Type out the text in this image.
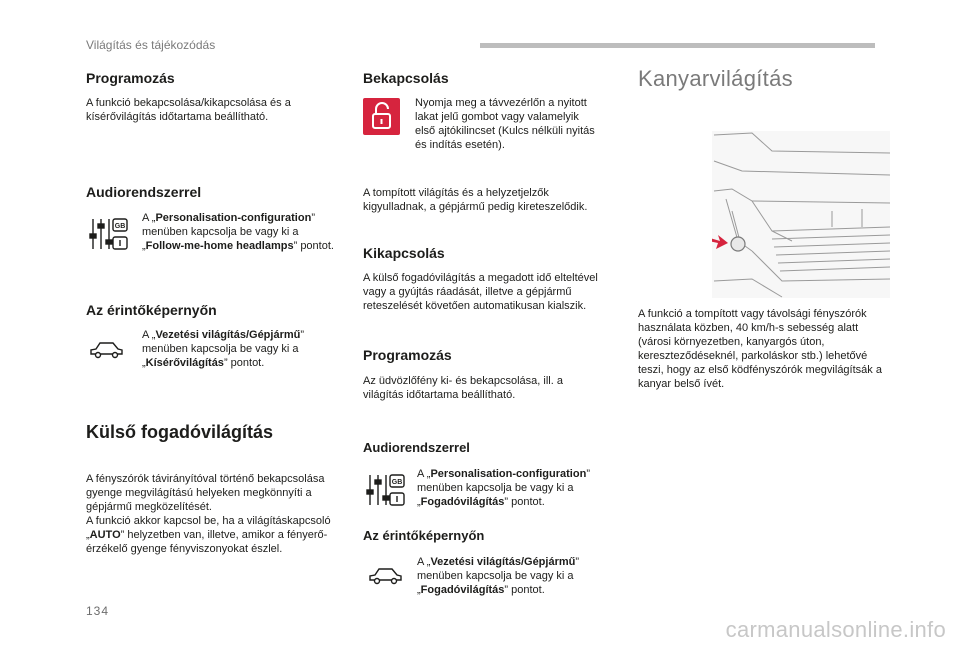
Világítás és tájékozódás
Programozás

A funkció bekapcsolása/kikapcsolása és a kísérővilágítás időtartama beállítható.

Audiorendszerrel
GB

A „Personalisation-configuration” menüben kapcsolja be vagy ki a „Follow-me-home headlamps” pontot.

Az érintőképernyőn

A „Vezetési világítás/Gépjármű” menüben kapcsolja be vagy ki a „Kísérővilágítás” pontot.

Külső fogadóvilágítás

A fényszórók távirányítóval történő bekapcsolása gyenge megvilágítású helyeken megkönnyíti a gépjármű megközelítését.
A funkció akkor kapcsol be, ha a világításkapcsoló „AUTO” helyzetben van, illetve, amikor a fényerő-érzékelő gyenge fényviszonyokat észlel.

Bekapcsolás

Nyomja meg a távvezérlőn a nyitott lakat jelű gombot vagy valamelyik első ajtókilincset (Kulcs nélküli nyitás és indítás esetén).

A tompított világítás és a helyzetjelzők kigyulladnak, a gépjármű pedig kireteszelődik.

Kikapcsolás

A külső fogadóvilágítás a megadott idő elteltével vagy a gyújtás ráadását, illetve a gépjármű reteszelését követően automatikusan kialszik.

Programozás

Az üdvözlőfény ki- és bekapcsolása, ill. a világítás időtartama beállítható.

Audiorendszerrel
GB

A „Personalisation-configuration” menüben kapcsolja be vagy ki a „Fogadóvilágítás” pontot.

Az érintőképernyőn

A „Vezetési világítás/Gépjármű” menüben kapcsolja be vagy ki a „Fogadóvilágítás” pontot.

Kanyarvilágítás

A funkció a tompított vagy távolsági fényszórók használata közben, 40 km/h-s sebesség alatt (városi környezetben, kanyargós úton, kereszteződéseknél, parkoláskor stb.) lehetővé teszi, hogy az első ködfényszórók megvilágítsák a kanyar belső ívét.

134
carmanualsonline.info
